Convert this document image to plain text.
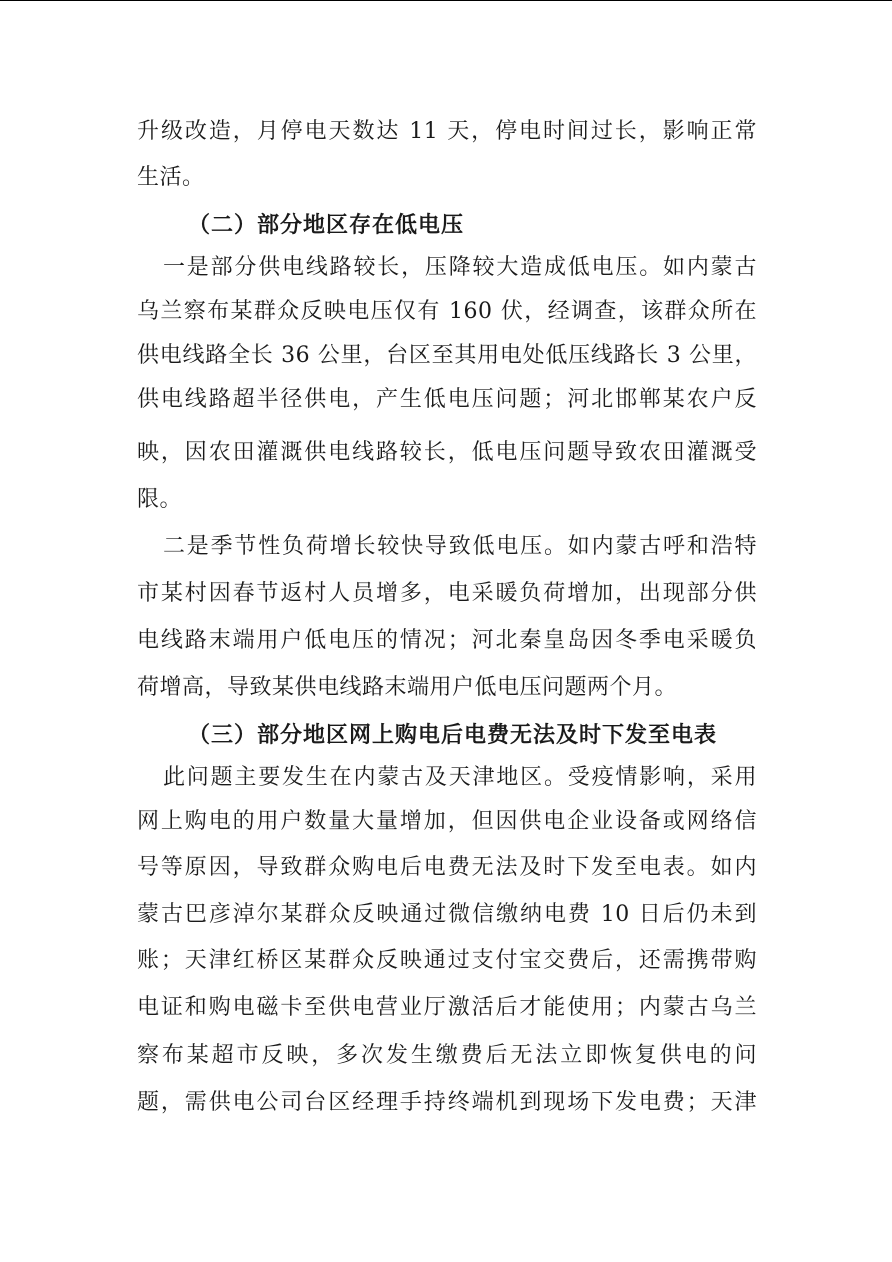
升级改造，月停电天数达 11 天，停电时间过长，影响正常
生活。
（二）部分地区存在低电压
一是部分供电线路较长，压降较大造成低电压。如内蒙古
乌兰察布某群众反映电压仅有 160 伏，经调查，该群众所在
供电线路全长 36 公里，台区至其用电处低压线路长 3 公里，
供电线路超半径供电，产生低电压问题；河北邯郸某农户反
映，因农田灌溉供电线路较长，低电压问题导致农田灌溉受
限。
二是季节性负荷增长较快导致低电压。如内蒙古呼和浩特
市某村因春节返村人员增多，电采暖负荷增加，出现部分供
电线路末端用户低电压的情况；河北秦皇岛因冬季电采暖负
荷增高，导致某供电线路末端用户低电压问题两个月。
（三）部分地区网上购电后电费无法及时下发至电表
此问题主要发生在内蒙古及天津地区。受疫情影响，采用
网上购电的用户数量大量增加，但因供电企业设备或网络信
号等原因，导致群众购电后电费无法及时下发至电表。如内
蒙古巴彦淖尔某群众反映通过微信缴纳电费 10 日后仍未到
账；天津红桥区某群众反映通过支付宝交费后，还需携带购
电证和购电磁卡至供电营业厅激活后才能使用；内蒙古乌兰
察布某超市反映，多次发生缴费后无法立即恢复供电的问
题，需供电公司台区经理手持终端机到现场下发电费；天津
